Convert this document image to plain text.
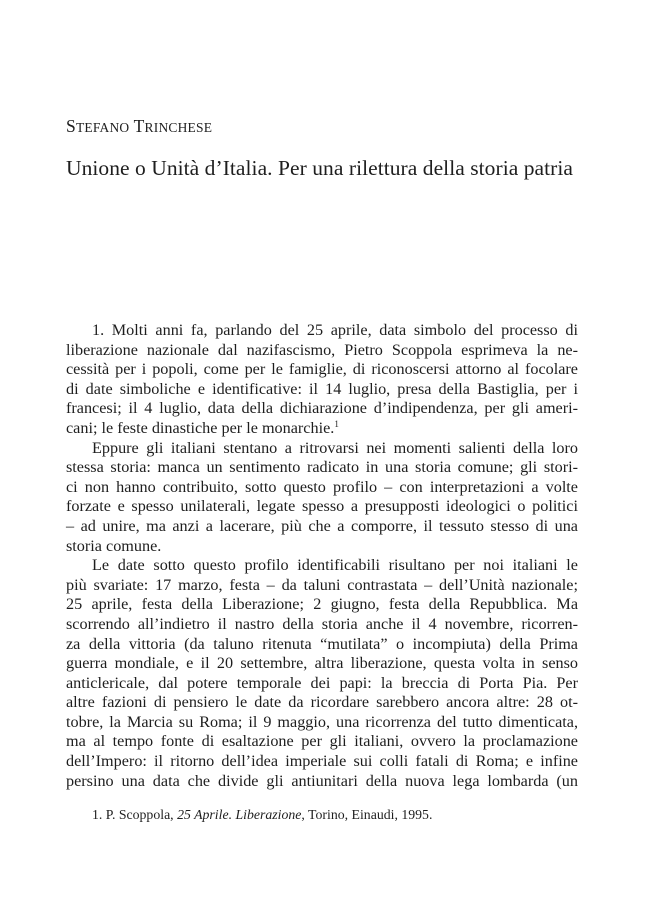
STEFANO TRINCHESE

Unione o Unità d’Italia. Per una rilettura della storia patria
1. Molti anni fa, parlando del 25 aprile, data simbolo del processo di
liberazione nazionale dal nazifascismo, Pietro Scoppola esprimeva la ne-
cessità per i popoli, come per le famiglie, di riconoscersi attorno al focolare
di date simboliche e identificative: il 14 luglio, presa della Bastiglia, per i
francesi; il 4 luglio, data della dichiarazione d’indipendenza, per gli ameri-
cani; le feste dinastiche per le monarchie.$^1$
Eppure gli italiani stentano a ritrovarsi nei momenti salienti della loro
stessa storia: manca un sentimento radicato in una storia comune; gli stori-
ci non hanno contribuito, sotto questo profilo – con interpretazioni a volte
forzate e spesso unilaterali, legate spesso a presupposti ideologici o politici
– ad unire, ma anzi a lacerare, più che a comporre, il tessuto stesso di una
storia comune.
Le date sotto questo profilo identificabili risultano per noi italiani le
più svariate: 17 marzo, festa – da taluni contrastata – dell’Unità nazionale;
25 aprile, festa della Liberazione; 2 giugno, festa della Repubblica. Ma
scorrendo all’indietro il nastro della storia anche il 4 novembre, ricorren-
za della vittoria (da taluno ritenuta “mutilata” o incompiuta) della Prima
guerra mondiale, e il 20 settembre, altra liberazione, questa volta in senso
anticlericale, dal potere temporale dei papi: la breccia di Porta Pia. Per
altre fazioni di pensiero le date da ricordare sarebbero ancora altre: 28 ot-
tobre, la Marcia su Roma; il 9 maggio, una ricorrenza del tutto dimenticata,
ma al tempo fonte di esaltazione per gli italiani, ovvero la proclamazione
dell’Impero: il ritorno dell’idea imperiale sui colli fatali di Roma; e infine
persino una data che divide gli antiunitari della nuova lega lombarda (un

1. P. Scoppola, 25 Aprile. Liberazione, Torino, Einaudi, 1995.
